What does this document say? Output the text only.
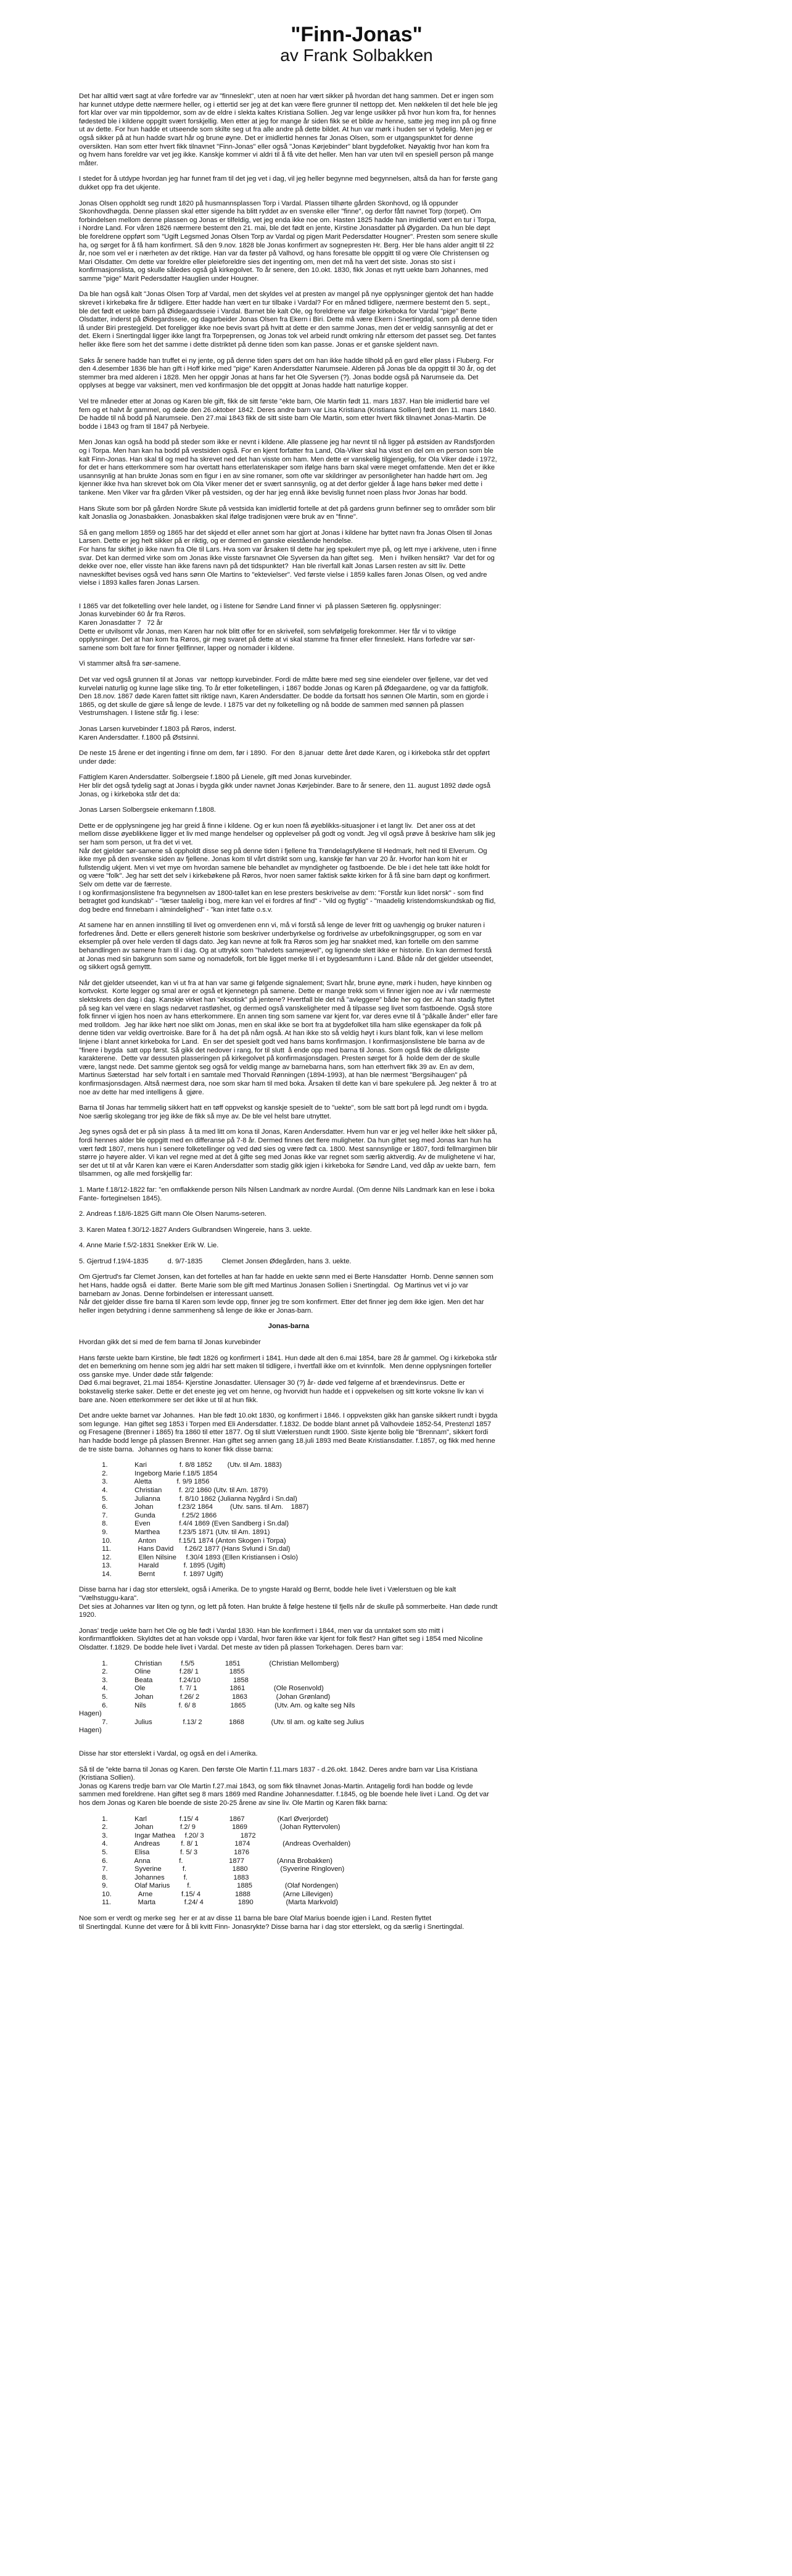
"Finn-Jonas"
av Frank Solbakken

Det har alltid vært sagt at våre forfedre var av "finneslekt", uten at noen har vært sikker på hvordan det hang sammen. Det er ingen som har kunnet utdype dette nærmere heller, og i ettertid ser jeg at det kan være flere grunner til nettopp det. Men nøkkelen til det hele ble jeg fort klar over var min tippoldemor, som av de eldre i slekta kaltes Kristiana Sollien. Jeg var lenge usikker på hvor hun kom fra, for hennes fødested ble i kildene oppgitt svært forskjellig. Men etter at jeg for mange år siden fikk se et bilde av henne, satte jeg meg inn på og finne ut av dette. For hun hadde et utseende som skilte seg ut fra alle andre på dette bildet. At hun var mørk i huden ser vi tydelig. Men jeg er også sikker på at hun hadde svart hår og brune øyne. Det er imidlertid hennes far Jonas Olsen, som er utgangspunktet for denne oversikten. Han som etter hvert fikk tilnavnet "Finn-Jonas" eller også "Jonas Kørjebinder" blant bygdefolket. Nøyaktig hvor han kom fra og hvem hans foreldre var vet jeg ikke. Kanskje kommer vi aldri til å få vite det heller. Men han var uten tvil en spesiell person på mange måter.

I stedet for å utdype hvordan jeg har funnet fram til det jeg vet i dag, vil jeg heller begynne med begynnelsen, altså da han for første gang dukket opp fra det ukjente.

Jonas Olsen oppholdt seg rundt 1820 på husmannsplassen Torp i Vardal. Plassen tilhørte gården Skonhovd, og lå oppunder Skonhovdhøgda. Denne plassen skal etter sigende ha blitt ryddet av en svenske eller "finne", og derfor fått navnet Torp (torpet). Om forbindelsen mellom denne plassen og Jonas er tilfeldig, vet jeg enda ikke noe om. Hasten 1825 hadde han imidlertid vært en tur i Torpa, i Nordre Land. For våren 1826 nærmere bestemt den 21. mai, ble det født en jente, Kirstine Jonasdatter på Øygarden. Da hun ble døpt ble foreldrene oppført som "Ugift Legsmed Jonas Olsen Torp av Vardal og pigen Marit Pedersdatter Hougner". Presten som senere skulle ha, og sørget for å få ham konfirmert. Så den 9.nov. 1828 ble Jonas konfirmert av sognepresten Hr. Berg. Her ble hans alder angitt til 22 år, noe som vel er i nærheten av det riktige. Han var da føster på Valhovd, og hans foresatte ble oppgitt til og være Ole Christensen og Mari Olsdatter. Om dette var foreldre eller pleieforeldre sies det ingenting om, men det må ha vært det siste. Jonas sto sist i konfirmasjonslista, og skulle således også gå kirkegolvet. To år senere, den 10.okt. 1830, fikk Jonas et nytt uekte barn Johannes, med samme "pige" Marit Pedersdatter Hauglien under Hougner.

Da ble han også kalt "Jonas Olsen Torp af Vardal, men det skyldes vel at presten av mangel på nye opplysninger gjentok det han hadde skrevet i kirkebøka fire år tidligere. Etter hadde han vært en tur tilbake i Vardal? For en måned tidligere, nærmere bestemt den 5. sept., ble det født et uekte barn på Øidegaardsseie i Vardal. Barnet ble kalt Ole, og foreldrene var ifølge kirkeboka for Vardal "pige" Berte Olsdatter, inderst på Øidegardsseie, og dagarbeider Jonas Olsen fra Ekern i Biri. Dette må være Ekern i Snertingdal, som på denne tiden lå under Biri prestegjeld. Det foreligger ikke noe bevis svart på hvitt at dette er den samme Jonas, men det er veldig sannsynlig at det er det. Ekern i Snertingdal ligger ikke langt fra Torpeprensen, og Jonas tok vel arbeid rundt omkring når ettersom det passet seg. Det fantes heller ikke flere som het det samme i dette distriktet på denne tiden som kan passe. Jonas er et ganske sjeldent navn.

Søks år senere hadde han truffet ei ny jente, og på denne tiden spørs det om han ikke hadde tilhold på en gard eller plass i Fluberg. For den 4.desember 1836 ble han gift i Hoff kirke med "pige" Karen Andersdatter Narumseie. Alderen på Jonas ble da oppgitt til 30 år, og det stemmer bra med alderen i 1828. Men her oppgir Jonas at hans far het Ole Syversen (?). Jonas bodde også på Narumseie da. Det opplyses at begge var vaksinert, men ved konfirmasjon ble det oppgitt at Jonas hadde hatt naturlige kopper.

Vel tre måneder etter at Jonas og Karen ble gift, fikk de sitt første "ekte barn, Ole Martin født 11. mars 1837. Han ble imidlertid bare vel fem og et halvt år gammel, og døde den 26.oktober 1842. Deres andre barn var Lisa Kristiana (Kristiana Sollien) født den 11. mars 1840. De hadde til nå bodd på Narumseie. Den 27.mai 1843 fikk de sitt siste barn Ole Martin, som etter hvert fikk tilnavnet Jonas-Martin. De bodde i 1843 og fram til 1847 på Nerbyeie.

Men Jonas kan også ha bodd på steder som ikke er nevnt i kildene. Alle plassene jeg har nevnt til nå ligger på østsiden av Randsfjorden og i Torpa. Men han kan ha bodd på vestsiden også. For en kjent forfatter fra Land, Ola-Viker skal ha visst en del om en person som ble kalt Finn-Jonas. Han skal til og med ha skrevet ned det han visste om ham. Men dette er vanskelig tilgjengelig, for Ola Viker døde i 1972, for det er hans etterkommere som har overtatt hans etterlatenskaper som ifølge hans barn skal være meget omfattende. Men det er ikke usannsynlig at han brukte Jonas som en figur i en av sine romaner, som ofte var skildringer av personligheter han hadde hørt om. Jeg kjenner ikke hva han skrevet bok om Ola Viker mener det er svært sannsynlig, og at det derfor gjelder å lage hans bøker med dette i tankene. Men Viker var fra gården Viker på vestsiden, og der har jeg ennå ikke bevislig funnet noen plass hvor Jonas har bodd.

Hans Skute som bor på gården Nordre Skute på vestsida kan imidlertid fortelle at det på gardens grunn befinner seg to områder som blir kalt Jonaslia og Jonasbakken. Jonasbakken skal ifølge tradisjonen være bruk av en "finne".

Så en gang mellom 1859 og 1865 har det skjedd et eller annet som har gjort at Jonas i kildene har byttet navn fra Jonas Olsen til Jonas Larsen. Dette er jeg helt sikker på er riktig, og er dermed en ganske eiestående hendelse.
For hans far skiftet jo ikke navn fra Ole til Lars. Hva som var årsaken til dette har jeg spekulert mye på, og lett mye i arkivene, uten i finne svar. Det kan dermed virke som om Jonas ikke visste farsnavnet Ole Syversen da han giftet seg.   Men i  hvilken hensikt?  Var det for og dekke over noe, eller visste han ikke farens navn på det tidspunktet?  Han ble riverfall kalt Jonas Larsen resten av sitt liv. Dette navneskiftet bevises også ved hans sønn Ole Martins to "ektevielser". Ved første vielse i 1859 kalles faren Jonas Olsen, og ved andre vielse i 1893 kalles faren Jonas Larsen.

I 1865 var det folketelling over hele landet, og i listene for Søndre Land finner vi  på plassen Sæteren fig. opplysninger:

Jonas kurvebinder 60 år fra Røros.

Karen Jonasdatter 7   72 år

Dette er utvilsomt vår Jonas, men Karen har nok blitt offer for en skrivefeil, som selvfølgelig forekommer. Her får vi to viktige opplysninger. Det at han kom fra Røros, gir meg svaret på dette at vi skal stamme fra finner eller finneslekt. Hans forfedre var sør-samene som bolt fare for finner fjellfinner, lapper og nomader i kildene.

Vi stammer altså fra sør-samene.

Det var ved også grunnen til at Jonas  var  nettopp kurvebinder. Fordi de måtte bære med seg sine eiendeler over fjellene, var det ved kurveløi naturlig og kunne lage slike ting. To år etter folketellingen, i 1867 bodde Jonas og Karen på Ødegaardene, og var da fattigfolk. Den 18.nov. 1867 døde Karen fattet sitt riktige navn, Karen Andersdatter. De bodde da fortsatt hos sønnen Ole Martin, som en gjorde i 1865, og det skulle de gjøre så lenge de levde. I 1875 var det ny folketelling og nå bodde de sammen med sønnen på plassen Vestrumshagen. I listene står fig. i lese:

Jonas Larsen kurvebinder f.1803 på Røros, inderst.
Karen Andersdatter. f.1800 på Østsinni.

De neste 15 årene er det ingenting i finne om dem, før i 1890.  For den  8.januar  dette året døde Karen, og i kirkeboka står det oppført under døde:

Fattiglem Karen Andersdatter. Solbergseie f.1800 på Lienele, gift med Jonas kurvebinder.
Her blir det også tydelig sagt at Jonas i bygda gikk under navnet Jonas Kørjebinder. Bare to år senere, den 11. august 1892 døde også Jonas, og i kirkeboka står det da:

Jonas Larsen Solbergseie enkemann f.1808.

Dette er de opplysningene jeg har greid å finne i kildene. Og er kun noen få øyeblikks-situasjoner i et langt liv.  Det aner oss at det mellom disse øyeblikkene ligger et liv med mange hendelser og opplevelser på godt og vondt. Jeg vil også prøve å beskrive ham slik jeg ser ham som person, ut fra det vi vet.
Når det gjelder sør-samene så oppholdt disse seg på denne tiden i fjellene fra Trøndelagsfylkene til Hedmark, helt ned til Elverum. Og ikke mye på den svenske siden av fjellene. Jonas kom til vårt distrikt som ung, kanskje før han var 20 år. Hvorfor han kom hit er fullstendig ukjent. Men vi vet mye om hvordan samene ble behandlet av myndigheter og fastboende. De ble i det hele tatt ikke holdt for og være "folk". Jeg har sett det selv i kirkebøkene på Røros, hvor noen samer faktisk søkte kirken for å få sine barn døpt og konfirmert. Selv om dette var de færreste.
I og konfirmasjonslistene fra begynnelsen av 1800-tallet kan en lese presters beskrivelse av dem: "Forstår kun lidet norsk" - som find betragtet god kundskab" - "læser taalelig i bog, mere kan vel ei fordres af find" - "vild og flygtig" - "maadelig kristendomskundskab og flid, dog bedre end finnebarn i almindelighed" - "kan intet fatte o.s.v.

At samene har en annen innstilling til livet og omverdenen enn vi, må vi forstå så lenge de lever fritt og uavhengig og bruker naturen i forfedrenes ånd. Dette er ellers generelt historie som beskriver underbyrkelse og fordrivelse av urbefolkningsgrupper, og som en var eksempler på over hele verden til dags dato. Jeg kan nevne at folk fra Røros som jeg har snakket med, kan fortelle om den samme behandlingen av samene fram til i dag. Og at uttrykk som "halvdets samejævel", og lignende slett ikke er historie. En kan dermed forstå at Jonas med sin bakgrunn som same og nomadefolk, fort ble ligget merke til i et bygdesamfunn i Land. Både når det gjelder utseendet, og sikkert også gemyttt.

Når det gjelder utseendet, kan vi ut fra at han var same gi følgende signalement; Svart hår, brune øyne, mørk i huden, høye kinnben og kortvokst.  Korte legger og smal arer er også et kjennetegn på samene. Dette er mange trekk som vi finner igjen noe av i vår nærmeste slektskrets den dag i dag. Kanskje virket han "eksotisk" på jentene? Hvertfall ble det nå "avleggere" både her og der. At han stadig flyttet på seg kan vel være en slags nedarvet rastløshet, og dermed også vanskeligheter med å tilpasse seg livet som fastboende. Også store folk finner vi igjen hos noen av hans etterkommere. En annen ting som samene var kjent for, var deres evne til å "påkalle ånder" eller fare med trolldom.  Jeg har ikke hørt noe slikt om Jonas, men en skal ikke se bort fra at bygdefolket tilla ham slike egenskaper da folk på denne tiden var veldig overtroiske. Bare for å  ha det på nåm også. At han ikke sto så veldig høyt i kurs blant folk, kan vi lese mellom linjene i blant annet kirkeboka for Land.  En ser det spesielt godt ved hans barns konfirmasjon. I konfirmasjonslistene ble barna av de "finere i bygda  satt opp først. Så gikk det nedover i rang, for til slutt  å ende opp med barna til Jonas. Som også fikk de dårligste karakterene.  Dette var dessuten plasseringen på kirkegolvet på konfirmasjonsdagen. Presten sørget for å  holde dem der de skulle være, langst nede. Det samme gjentok seg også for veldig mange av barnebarna hans, som han etterhvert fikk 39 av. En av dem, Martinus Sæterstad  har selv fortalt i en samtale med Thorvald Rønningen (1894-1993), at han ble nærmest "Bergsihaugen" på konfirmasjonsdagen. Altså nærmest døra, noe som skar ham til med boka. Årsaken til dette kan vi bare spekulere på. Jeg nekter å  tro at noe av dette har med intelligens å  gjøre.

Barna til Jonas har temmelig sikkert hatt en tøff oppvekst og kanskje spesielt de to "uekte", som ble satt bort på legd rundt om i bygda. Noe særlig skolegang tror jeg ikke de fikk så mye av. De ble vel helst bare utnyttet.

Jeg synes også det er på sin plass  å ta med litt om kona til Jonas, Karen Andersdatter. Hvem hun var er jeg vel heller ikke helt sikker på, fordi hennes alder ble oppgitt med en differanse på 7-8 år. Dermed finnes det flere muligheter. Da hun giftet seg med Jonas kan hun ha vært født 1807, mens hun i senere folketellinger og ved død sies og være født ca. 1800. Mest sannsynlige er 1807, fordi fellmargimen blir større jo høyere alder. Vi kan vel regne med at det å gifte seg med Jonas ikke var regnet som særlig aktverdig. Av de mulighetene vi har, ser det ut til at vår Karen kan være ei Karen Andersdatter som stadig gikk igjen i kirkeboka for Søndre Land, ved dåp av uekte barn,  fem tilsammen, og alle med forskjellig far:

1. Marte f.18/12-1822 far: "en omflakkende person Nils Nilsen Landmark av nordre Aurdal. (Om denne Nils Landmark kan en lese i boka Fante- forteginelsen 1845).

2. Andreas f.18/6-1825 Gift mann Ole Olsen Narums-seteren.

3. Karen Matea f.30/12-1827 Anders Gulbrandsen Wingereie, hans 3. uekte.

4. Anne Marie f.5/2-1831 Snekker Erik W. Lie.

5. Gjertrud f.19/4-1835          d. 9/7-1835          Clemet Jonsen Ødegården, hans 3. uekte.

Om Gjertrud's far Clemet Jonsen, kan det fortelles at han far hadde en uekte sønn med ei Berte Hansdatter  Hornb. Denne sønnen som het Hans, hadde også  ei datter.  Berte Marie som ble gift med Martinus Jonasen Sollien i Snertingdal.  Og Martinus vet vi jo var barnebarn av Jonas. Denne forbindelsen er interessant uansett.
Når det gjelder disse fire barna til Karen som levde opp, finner jeg tre som konfirmert. Etter det finner jeg dem ikke igjen. Men det har heller ingen betydning i denne sammenheng så lenge de ikke er Jonas-barn.

Jonas-barna

Hvordan gikk det si med de fem barna til Jonas kurvebinder

Hans første uekte barn Kirstine, ble født 1826 og konfirmert i 1841. Hun døde alt den 6.mai 1854, bare 28 år gammel. Og i kirkeboka står det en bemerkning om henne som jeg aldri har sett maken til tidligere, i hvertfall ikke om et kvinnfolk.  Men denne opplysningen forteller oss ganske mye. Under døde står følgende:
Død 6.mai begravet, 21.mai 1854- Kjerstine Jonasdatter. Ulensager 30 (?) år- døde ved følgerne af et brændevinsrus. Dette er bokstavelig sterke saker. Dette er det eneste jeg vet om henne, og hvorvidt hun hadde et i oppvekelsen og sitt korte voksne liv kan vi bare ane. Noen etterkommere ser det ikke ut til at hun fikk.

Det andre uekte barnet var Johannes.  Han ble født 10.okt 1830, og konfirmert i 1846. I oppveksten gikk han ganske sikkert rundt i bygda som legunge.  Han giftet seg 1853 i Torpen med Eli Andersdatter. f.1832. De bodde blant annet på Valhovdeie 1852-54, Prestenzl 1857 og Fresagene (Brenner i 1865) fra 1860 til etter 1877. Og til slutt Vælerstuen rundt 1900. Siste kjente bolig ble "Brennam", sikkert fordi han hadde bodd lenge på plassen Brenner. Han giftet seg annen gang 18.juli 1893 med Beate Kristiansdatter. f.1857, og fikk med henne de tre siste barna.  Johannes og hans to koner fikk disse barna:

1.              Kari                 f. 8/8 1852        (Utv. til Am. 1883)
2.              Ingeborg Marie f.18/5 1854
3.              Aletta             f. 9/9 1856
4.              Christian         f. 2/2 1860 (Utv. til Am. 1879)
5.              Julianna          f. 8/10 1862 (Julianna Nygård i Sn.dal)
6.              Johan             f.23/2 1864         (Utv. sans. til Am.    1887)
7.              Gunda              f.25/2 1866
8.              Even               f.4/4 1869 (Even Sandberg i Sn.dal)
9.              Marthea          f.23/5 1871 (Utv. til Am. 1891)
10.              Anton            f.15/1 1874 (Anton Skogen i Torpa)
11.              Hans David      f.26/2 1877 (Hans Svlund i Sn.dal)
12.              Ellen Nilsine     f.30/4 1893 (Ellen Kristiansen i Oslo)
13.              Harald             f. 1895 (Ugift)
14.              Bernt               f. 1897 Ugift)

Disse barna har i dag stor etterslekt, også i Amerika. De to yngste Harald og Bernt, bodde hele livet i Vælerstuen og ble kalt "Vælhstuggu-kara".
Det sies at Johannes var liten og tynn, og lett på foten. Han brukte å følge hestene til fjells når de skulle på sommerbeite. Han døde rundt 1920.

Jonas' tredje uekte barn het Ole og ble født i Vardal 1830. Han ble konfirmert i 1844, men var da unntaket som sto mitt i konfirmantflokken. Skyldtes det at han voksde opp i Vardal, hvor faren ikke var kjent for folk flest? Han giftet seg i 1854 med Nicoline Olsdatter. f.1829. De bodde hele livet i Vardal. Det meste av tiden på plassen Torkehagen. Deres barn var:

1.              Christian          f.5/5                1851               (Christian Mellomberg)
2.              Oline               f.28/ 1                1855
3.              Beata              f.24/10                 1858
4.              Ole                  f. 7/ 1                 1861               (Ole Rosenvold)
5.              Johan              f.26/ 2                 1863               (Johan Grønland)
6.              Nils                 f. 6/ 8                  1865               (Utv. Am. og kalte seg Nils
Hagen)
7.              Julius                f.13/ 2              1868              (Utv. til am. og kalte seg Julius
Hagen)

Disse har stor etterslekt i Vardal, og også en del i Amerika.

Så til de "ekte barna til Jonas og Karen. Den første Ole Martin f.11.mars 1837 - d.26.okt. 1842. Deres andre barn var Lisa Kristiana (Kristiana Sollien).
Jonas og Karens tredje barn var Ole Martin f.27.mai 1843, og som fikk tilnavnet Jonas-Martin. Antagelig fordi han bodde og levde sammen med foreldrene. Han giftet seg 8 mars 1869 med Randine Johannesdatter. f.1845, og ble boende hele livet i Land. Og det var hos dem Jonas og Karen ble boende de siste 20-25 årene av sine liv. Ole Martin og Karen fikk barna:

1.              Karl                 f.15/ 4                1867                 (Karl Øverjordet)
2.              Johan              f.2/ 9                   1869                 (Johan Ryttervolen)
3.              Ingar Mathea     f.20/ 3                   1872
4.              Andreas           f. 8/ 1                   1874                 (Andreas Overhalden)
5.              Elisa                f. 5/ 3                   1876
6.              Anna               f.                        1877                 (Anna Brobakken)
7.              Syverine           f.                        1880                 (Syverine Ringloven)
8.              Johannes          f.                        1883
9.              Olaf Marius         f.                        1885                 (Olaf Nordengen)
10.              Arne               f.15/ 4                  1888                 (Arne Lillevigen)
11.              Marta               f.24/ 4                  1890                 (Marta Markvold)

Noe som er verdt og merke seg  her er at av disse 11 barna ble bare Olaf Marius boende igjen i Land. Resten flyttet
til Snertingdal. Kunne det være for å bli kvitt Finn- Jonasrykte? Disse barna har i dag stor etterslekt, og da særlig i Snertingdal.
